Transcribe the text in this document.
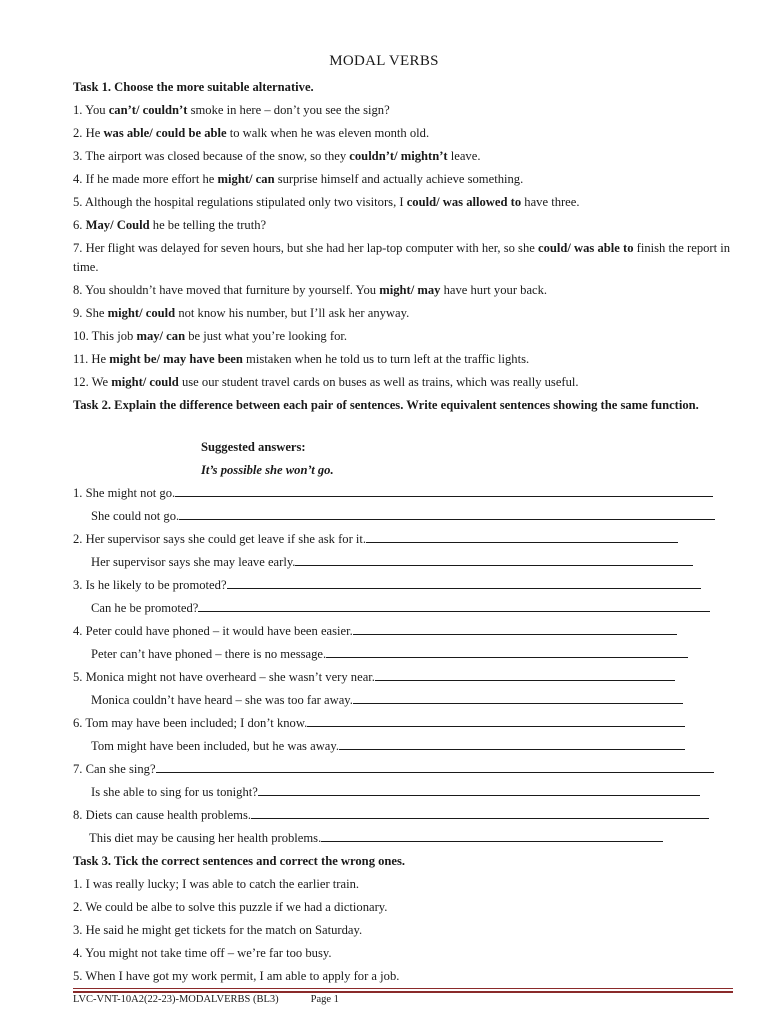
MODAL VERBS
Task 1. Choose the more suitable alternative.
1. You can’t/ couldn’t smoke in here – don’t you see the sign?
2. He was able/ could be able to walk when he was eleven month old.
3. The airport was closed because of the snow, so they couldn’t/ mightn’t leave.
4. If he made more effort he might/ can surprise himself and actually achieve something.
5. Although the hospital regulations stipulated only two visitors, I could/ was allowed to have three.
6. May/ Could he be telling the truth?
7. Her flight was delayed for seven hours, but she had her lap-top computer with her, so she could/ was able to finish the report in time.
8. You shouldn’t have moved that furniture by yourself. You might/ may have hurt your back.
9. She might/ could not know his number, but I’ll ask her anyway.
10. This job may/ can be just what you’re looking for.
11. He might be/ may have been mistaken when he told us to turn left at the traffic lights.
12. We might/ could use our student travel cards on buses as well as trains, which was really useful.
Task 2. Explain the difference between each pair of sentences. Write equivalent sentences showing the same function.
Suggested answers:
It’s possible she won’t go.
1. She might not go.
She could not go.
2. Her supervisor says she could get leave if she ask for it.
Her supervisor says she may leave early.
3. Is he likely to be promoted?
Can he be promoted?
4. Peter could have phoned – it would have been easier.
Peter can’t have phoned – there is no message.
5. Monica might not have overheard – she wasn’t very near.
Monica couldn’t have heard – she was too far away.
6. Tom may have been included; I don’t know.
Tom might have been included, but he was away.
7. Can she sing?
Is she able to sing for us tonight?
8. Diets can cause health problems.
This diet may be causing her health problems.
Task 3. Tick the correct sentences and correct the wrong ones.
1. I was really lucky; I was able to catch the earlier train.
2. We could be albe to solve this puzzle if we had a dictionary.
3. He said he might get tickets for the match on Saturday.
4. You might not take time off – we’re far too busy.
5. When I have got my work permit, I am able to apply for a job.
LVC-VNT-10A2(22-23)-MODALVERBS (BL3)	Page 1
